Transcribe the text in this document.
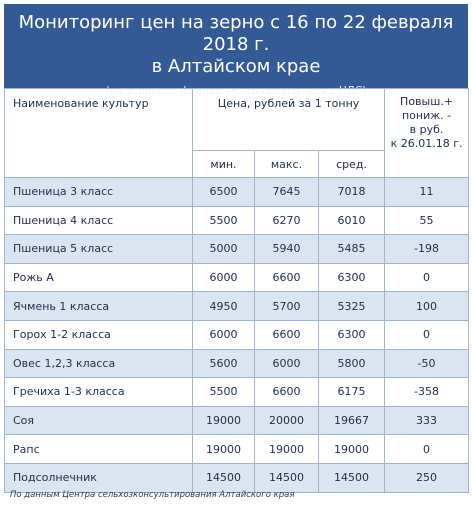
Мониторинг цен на зерно с 16 по 22 февраля 2018 г.
в Алтайском крае
(на условиях франко-склад покупателя с НДС)
Наименование культур	Цена, рублей за 1 тонну			Повыш.+
пониж. -
в руб.
к 26.01.18 г.

	мин.	макс.	сред.	
Пшеница 3 класс	6500	7645	7018	11
Пшеница 4 класс	5500	6270	6010	55
Пшеница 5 класс	5000	5940	5485	-198
Рожь А	6000	6600	6300	0
Ячмень 1 класса	4950	5700	5325	100
Горох 1-2 класса	6000	6600	6300	0
Овес 1,2,3 класса	5600	6000	5800	-50
Гречиха 1-3 класса	5500	6600	6175	-358
Соя	19000	20000	19667	333
Рапс	19000	19000	19000	0
Подсолнечник	14500	14500	14500	250
По данным Центра сельхозконсультирования Алтайского края
